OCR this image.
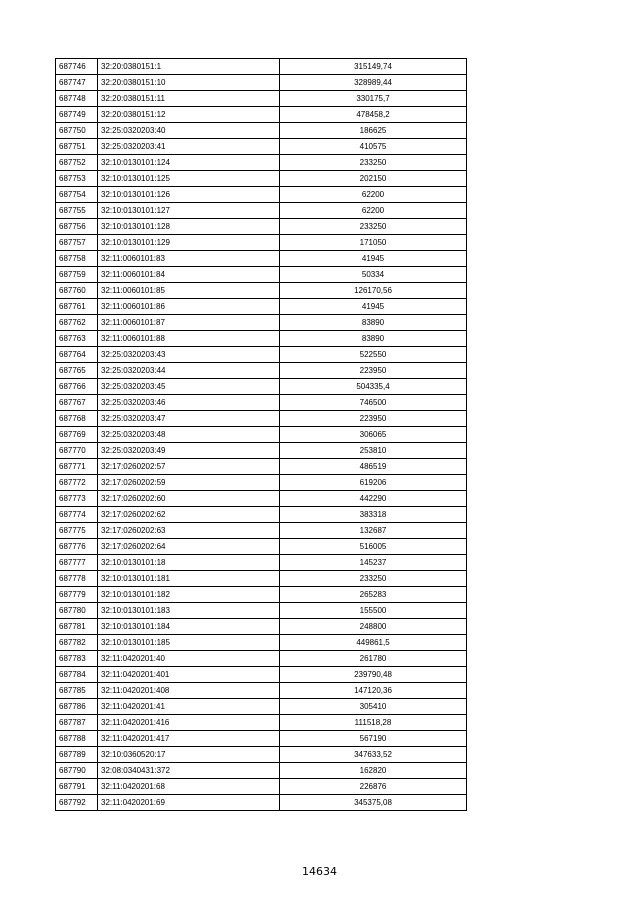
687746	32:20:0380151:1	315149,74
687747	32:20:0380151:10	328989,44
687748	32:20:0380151:11	330175,7
687749	32:20:0380151:12	478458,2
687750	32:25:0320203:40	186625
687751	32:25:0320203:41	410575
687752	32:10:0130101:124	233250
687753	32:10:0130101:125	202150
687754	32:10:0130101:126	62200
687755	32:10:0130101:127	62200
687756	32:10:0130101:128	233250
687757	32:10:0130101:129	171050
687758	32:11:0060101:83	41945
687759	32:11:0060101:84	50334
687760	32:11:0060101:85	126170,56
687761	32:11:0060101:86	41945
687762	32:11:0060101:87	83890
687763	32:11:0060101:88	83890
687764	32:25:0320203:43	522550
687765	32:25:0320203:44	223950
687766	32:25:0320203:45	504335,4
687767	32:25:0320203:46	746500
687768	32:25:0320203:47	223950
687769	32:25:0320203:48	306065
687770	32:25:0320203:49	253810
687771	32:17:0260202:57	486519
687772	32:17:0260202:59	619206
687773	32:17:0260202:60	442290
687774	32:17:0260202:62	383318
687775	32:17:0260202:63	132687
687776	32:17:0260202:64	516005
687777	32:10:0130101:18	145237
687778	32:10:0130101:181	233250
687779	32:10:0130101:182	265283
687780	32:10:0130101:183	155500
687781	32:10:0130101:184	248800
687782	32:10:0130101:185	449861,5
687783	32:11:0420201:40	261780
687784	32:11:0420201:401	239790,48
687785	32:11:0420201:408	147120,36
687786	32:11:0420201:41	305410
687787	32:11:0420201:416	111518,28
687788	32:11:0420201:417	567190
687789	32:10:0360520:17	347633,52
687790	32:08:0340431:372	162820
687791	32:11:0420201:68	226876
687792	32:11:0420201:69	345375,08
14634
